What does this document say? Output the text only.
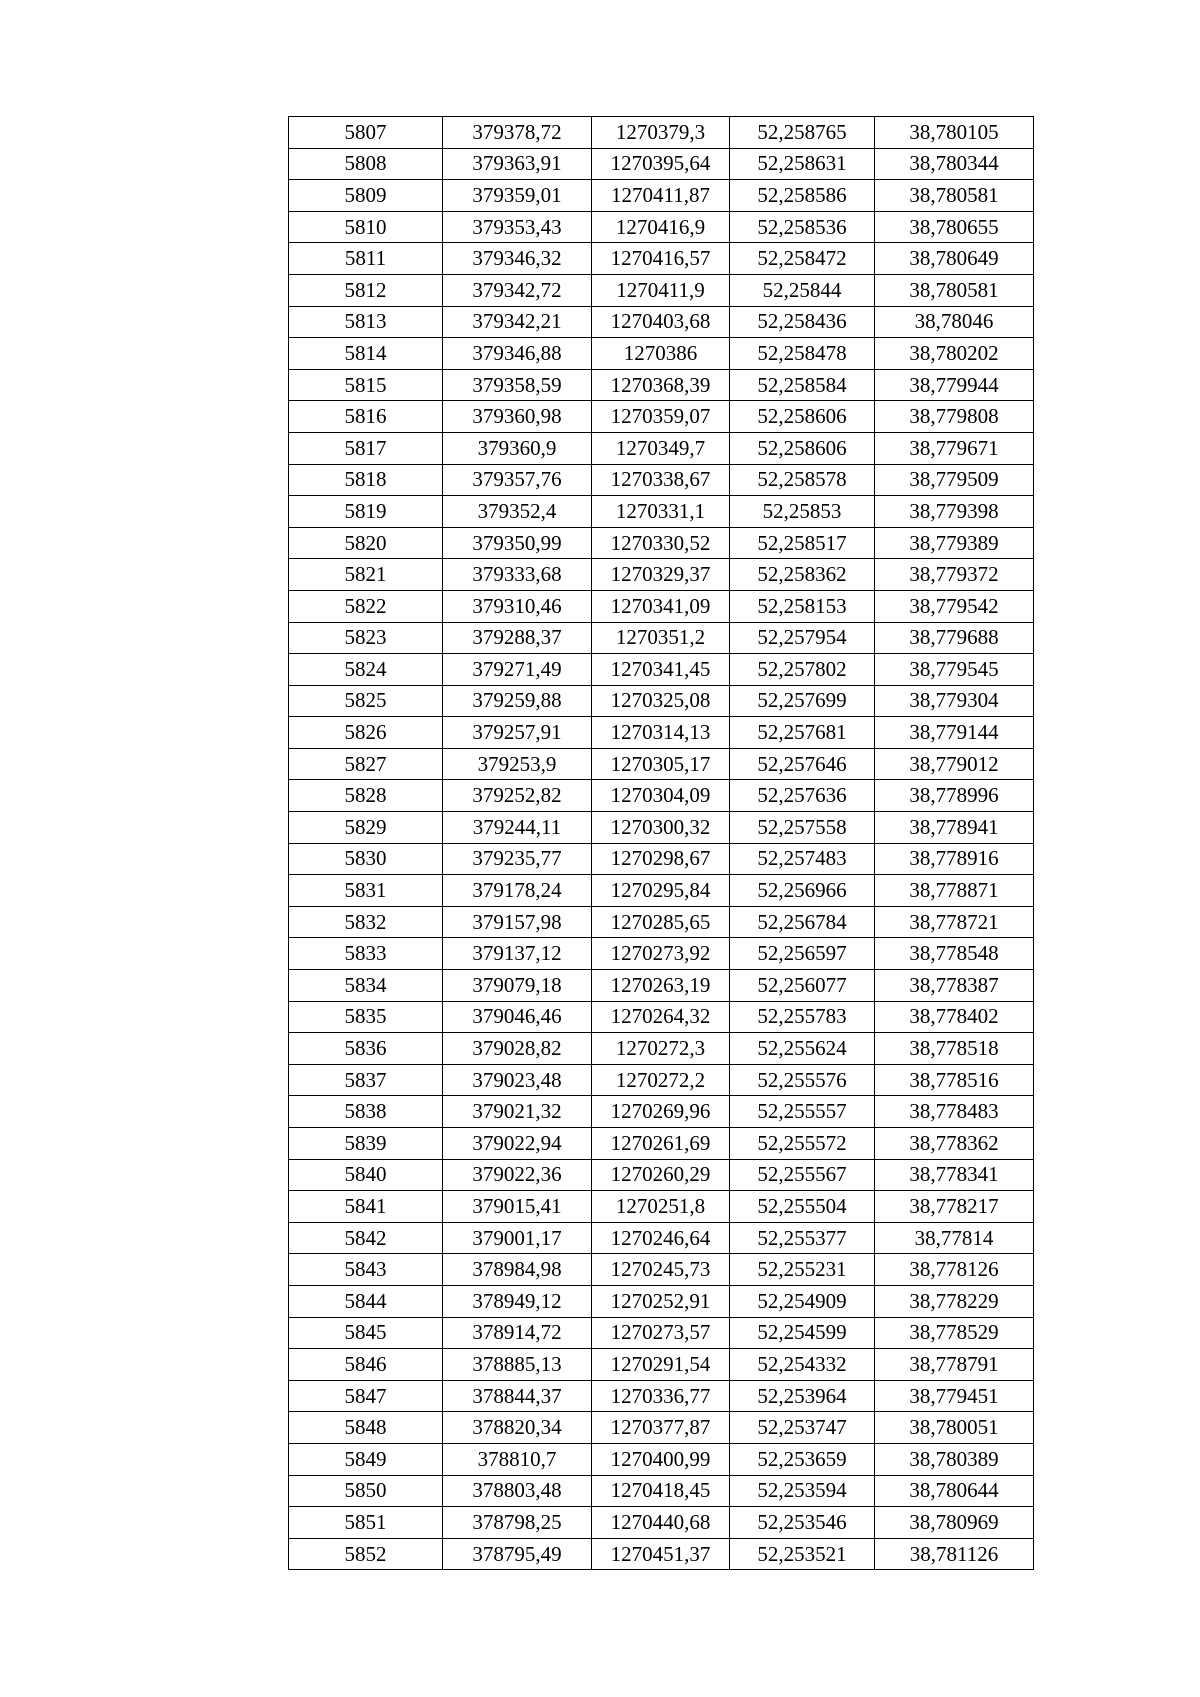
5807	379378,72	1270379,3	52,258765	38,780105
5808	379363,91	1270395,64	52,258631	38,780344
5809	379359,01	1270411,87	52,258586	38,780581
5810	379353,43	1270416,9	52,258536	38,780655
5811	379346,32	1270416,57	52,258472	38,780649
5812	379342,72	1270411,9	52,25844	38,780581
5813	379342,21	1270403,68	52,258436	38,78046
5814	379346,88	1270386	52,258478	38,780202
5815	379358,59	1270368,39	52,258584	38,779944
5816	379360,98	1270359,07	52,258606	38,779808
5817	379360,9	1270349,7	52,258606	38,779671
5818	379357,76	1270338,67	52,258578	38,779509
5819	379352,4	1270331,1	52,25853	38,779398
5820	379350,99	1270330,52	52,258517	38,779389
5821	379333,68	1270329,37	52,258362	38,779372
5822	379310,46	1270341,09	52,258153	38,779542
5823	379288,37	1270351,2	52,257954	38,779688
5824	379271,49	1270341,45	52,257802	38,779545
5825	379259,88	1270325,08	52,257699	38,779304
5826	379257,91	1270314,13	52,257681	38,779144
5827	379253,9	1270305,17	52,257646	38,779012
5828	379252,82	1270304,09	52,257636	38,778996
5829	379244,11	1270300,32	52,257558	38,778941
5830	379235,77	1270298,67	52,257483	38,778916
5831	379178,24	1270295,84	52,256966	38,778871
5832	379157,98	1270285,65	52,256784	38,778721
5833	379137,12	1270273,92	52,256597	38,778548
5834	379079,18	1270263,19	52,256077	38,778387
5835	379046,46	1270264,32	52,255783	38,778402
5836	379028,82	1270272,3	52,255624	38,778518
5837	379023,48	1270272,2	52,255576	38,778516
5838	379021,32	1270269,96	52,255557	38,778483
5839	379022,94	1270261,69	52,255572	38,778362
5840	379022,36	1270260,29	52,255567	38,778341
5841	379015,41	1270251,8	52,255504	38,778217
5842	379001,17	1270246,64	52,255377	38,77814
5843	378984,98	1270245,73	52,255231	38,778126
5844	378949,12	1270252,91	52,254909	38,778229
5845	378914,72	1270273,57	52,254599	38,778529
5846	378885,13	1270291,54	52,254332	38,778791
5847	378844,37	1270336,77	52,253964	38,779451
5848	378820,34	1270377,87	52,253747	38,780051
5849	378810,7	1270400,99	52,253659	38,780389
5850	378803,48	1270418,45	52,253594	38,780644
5851	378798,25	1270440,68	52,253546	38,780969
5852	378795,49	1270451,37	52,253521	38,781126
